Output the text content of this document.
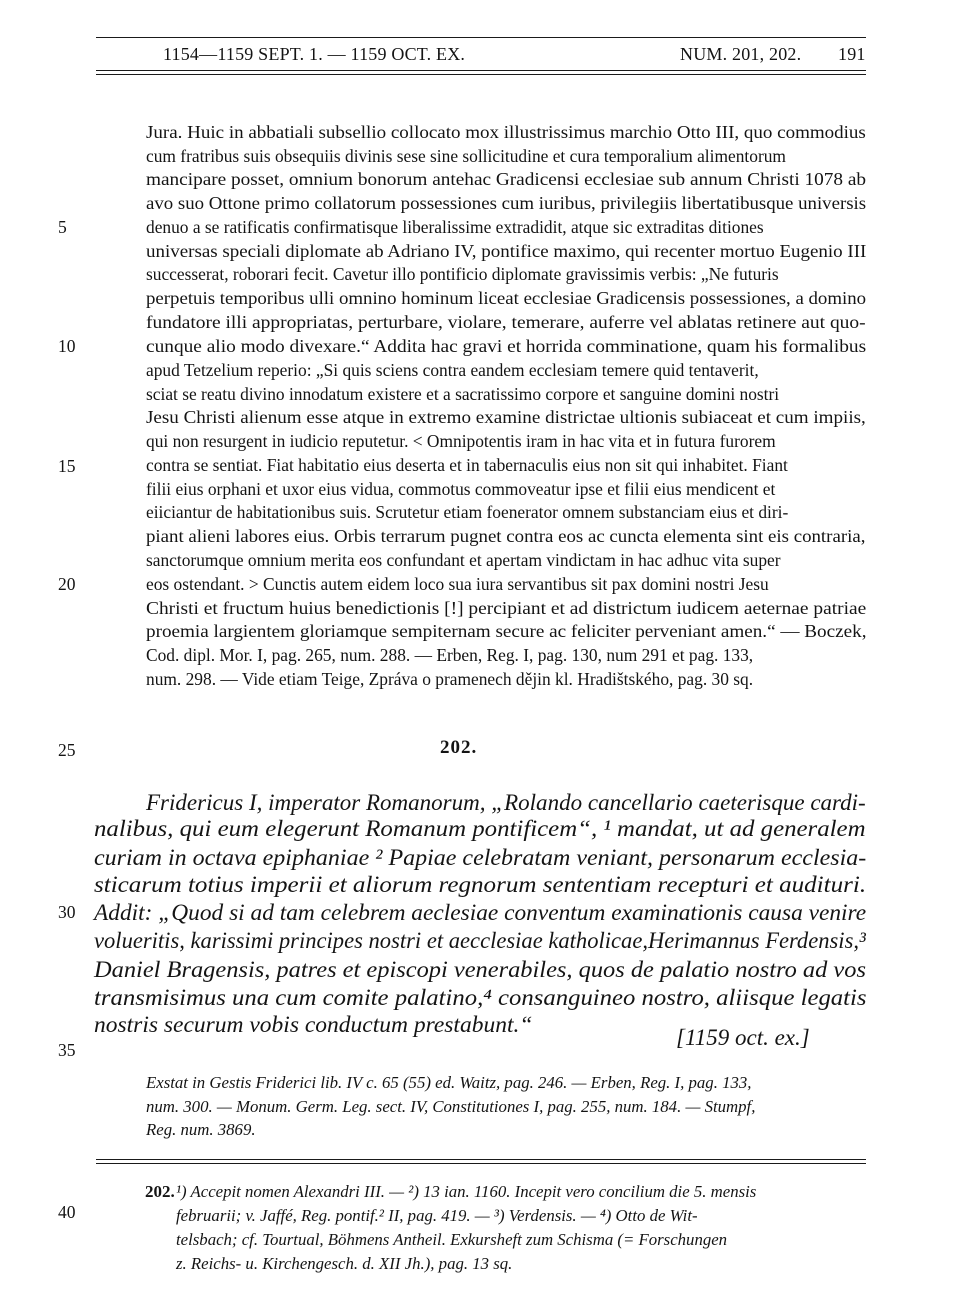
1154—1159 SEPT. 1. — 1159 OCT. EX.	NUM. 201, 202. 191
5
10
15
20
25
30
35
40
Jura. Huic in abbatiali subsellio collocato mox illustrissimus marchio Otto III, quo commodius
cum fratribus suis obsequiis divinis sese sine sollicitudine et cura temporalium alimentorum
mancipare posset, omnium bonorum antehac Gradicensi ecclesiae sub annum Christi 1078 ab
avo suo Ottone primo collatorum possessiones cum iuribus, privilegiis libertatibusque universis
denuo a se ratificatis confirmatisque liberalissime extradidit, atque sic extraditas ditiones
universas speciali diplomate ab Adriano IV, pontifice maximo, qui recenter mortuo Eugenio III
successerat, roborari fecit. Cavetur illo pontificio diplomate gravissimis verbis: „Ne futuris
perpetuis temporibus ulli omnino hominum liceat ecclesiae Gradicensis possessiones, a domino
fundatore illi appropriatas, perturbare, violare, temerare, auferre vel ablatas retinere aut quo-
cunque alio modo divexare.“ Addita hac gravi et horrida comminatione, quam his formalibus
apud Tetzelium reperio: „Si quis sciens contra eandem ecclesiam temere quid tentaverit,
sciat se reatu divino innodatum existere et a sacratissimo corpore et sanguine domini nostri
Jesu Christi alienum esse atque in extremo examine districtae ultionis subiaceat et cum impiis,
qui non resurgent in iudicio reputetur. < Omnipotentis iram in hac vita et in futura furorem
contra se sentiat. Fiat habitatio eius deserta et in tabernaculis eius non sit qui inhabitet. Fiant
filii eius orphani et uxor eius vidua, commotus commoveatur ipse et filii eius mendicent et
eiiciantur de habitationibus suis. Scrutetur etiam foenerator omnem substanciam eius et diri-
piant alieni labores eius. Orbis terrarum pugnet contra eos ac cuncta elementa sint eis contraria,
sanctorumque omnium merita eos confundant et apertam vindictam in hac adhuc vita super
eos ostendant. > Cunctis autem eidem loco sua iura servantibus sit pax domini nostri Jesu
Christi et fructum huius benedictionis [!] percipiant et ad districtum iudicem aeternae patriae
proemia largientem gloriamque sempiternam secure ac feliciter perveniant amen.“ — Boczek,
Cod. dipl. Mor. I, pag. 265, num. 288. — Erben, Reg. I, pag. 130, num 291 et pag. 133,
num. 298. — Vide etiam Teige, Zpráva o pramenech dějin kl. Hradištského, pag. 30 sq.
202.
Fridericus I, imperator Romanorum, „Rolando cancellario caeterisque cardi-
nalibus, qui eum elegerunt Romanum pontificem“, ¹ mandat, ut ad generalem
curiam in octava epiphaniae ² Papiae celebratam veniant, personarum ecclesia-
sticarum totius imperii et aliorum regnorum sententiam recepturi et audituri.
Addit: „Quod si ad tam celebrem aeclesiae conventum examinationis causa venire
volueritis, karissimi principes nostri et aecclesiae katholicae,Herimannus Ferdensis,³
Daniel Bragensis, patres et episcopi venerabiles, quos de palatio nostro ad vos
transmisimus una cum comite palatino,⁴ consanguineo nostro, aliisque legatis
nostris securum vobis conductum prestabunt.“	[1159 oct. ex.]
Exstat in Gestis Friderici lib. IV c. 65 (55) ed. Waitz, pag. 246. — Erben, Reg. I, pag. 133,
num. 300. — Monum. Germ. Leg. sect. IV, Constitutiones I, pag. 255, num. 184. — Stumpf,
Reg. num. 3869.
202. ¹) Accepit nomen Alexandri III. — ²) 13 ian. 1160. Incepit vero concilium die 5. mensis
februarii; v. Jaffé, Reg. pontif.² II, pag. 419. — ³) Verdensis. — ⁴) Otto de Wit-
telsbach; cf. Tourtual, Böhmens Antheil. Exkursheft zum Schisma (= Forschungen
z. Reichs- u. Kirchengesch. d. XII Jh.), pag. 13 sq.
